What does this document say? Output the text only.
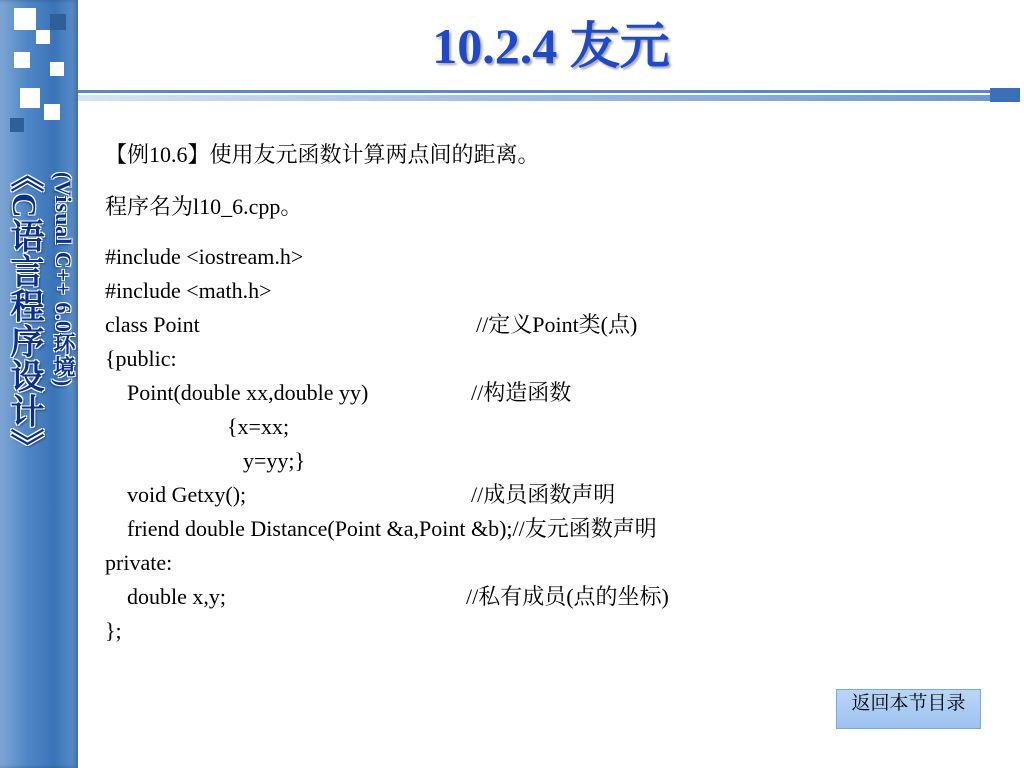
《C语言程序设计》 (Visual C++ 6.0环境)
10.2.4 友元
【例10.6】使用友元函数计算两点间的距离。
程序名为l10_6.cpp。
#include <iostream.h>
#include <math.h>
class Point	//定义Point类(点)
{public:
Point(double xx,double yy)	//构造函数
{x=xx;
y=yy;}
void Getxy();	//成员函数声明
friend double Distance(Point &a,Point &b);//友元函数声明
private:
double x,y;	//私有成员(点的坐标)
};
返回本节目录
